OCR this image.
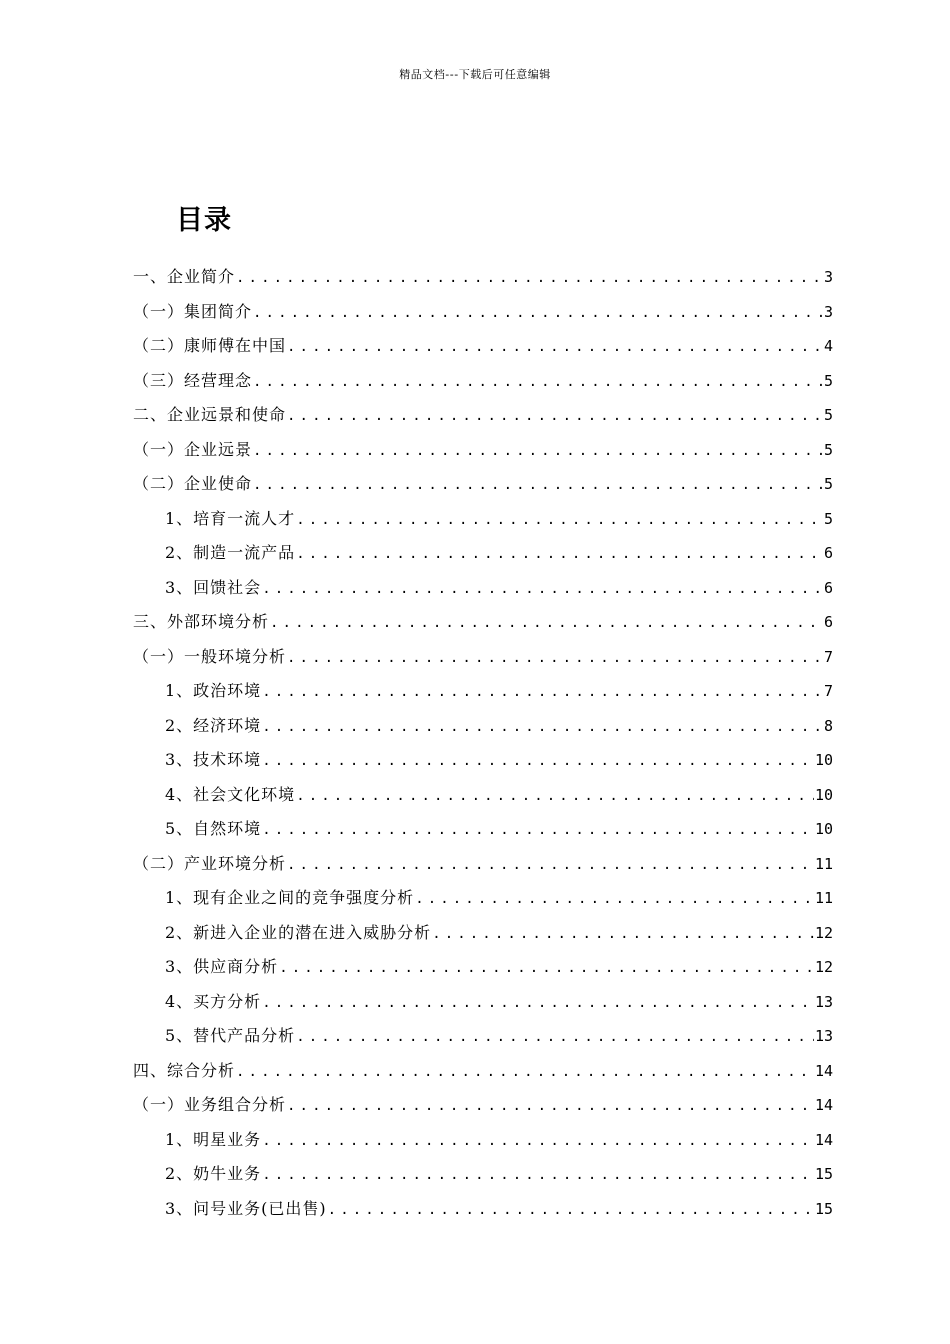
精品文档---下载后可任意编辑
目录
一、企业简介 .....	3
（一）集团简介 .....	3
（二）康师傅在中国 .....	4
（三）经营理念 .....	5
二、企业远景和使命 .....	5
（一）企业远景 .....	5
（二）企业使命 .....	5
1、培育一流人才 .....	5
2、制造一流产品 .....	6
3、回馈社会 .....	6
三、外部环境分析 .....	6
（一）一般环境分析 .....	7
1、政治环境 .....	7
2、经济环境 .....	8
3、技术环境 .....	10
4、社会文化环境 .....	10
5、自然环境 .....	10
（二）产业环境分析 .....	11
1、现有企业之间的竞争强度分析 .....	11
2、新进入企业的潜在进入威胁分析 .....	12
3、供应商分析 .....	12
4、买方分析 .....	13
5、替代产品分析 .....	13
四、综合分析 .....	14
（一）业务组合分析 .....	14
1、明星业务 .....	14
2、奶牛业务 .....	15
3、问号业务(已出售) .....	15
